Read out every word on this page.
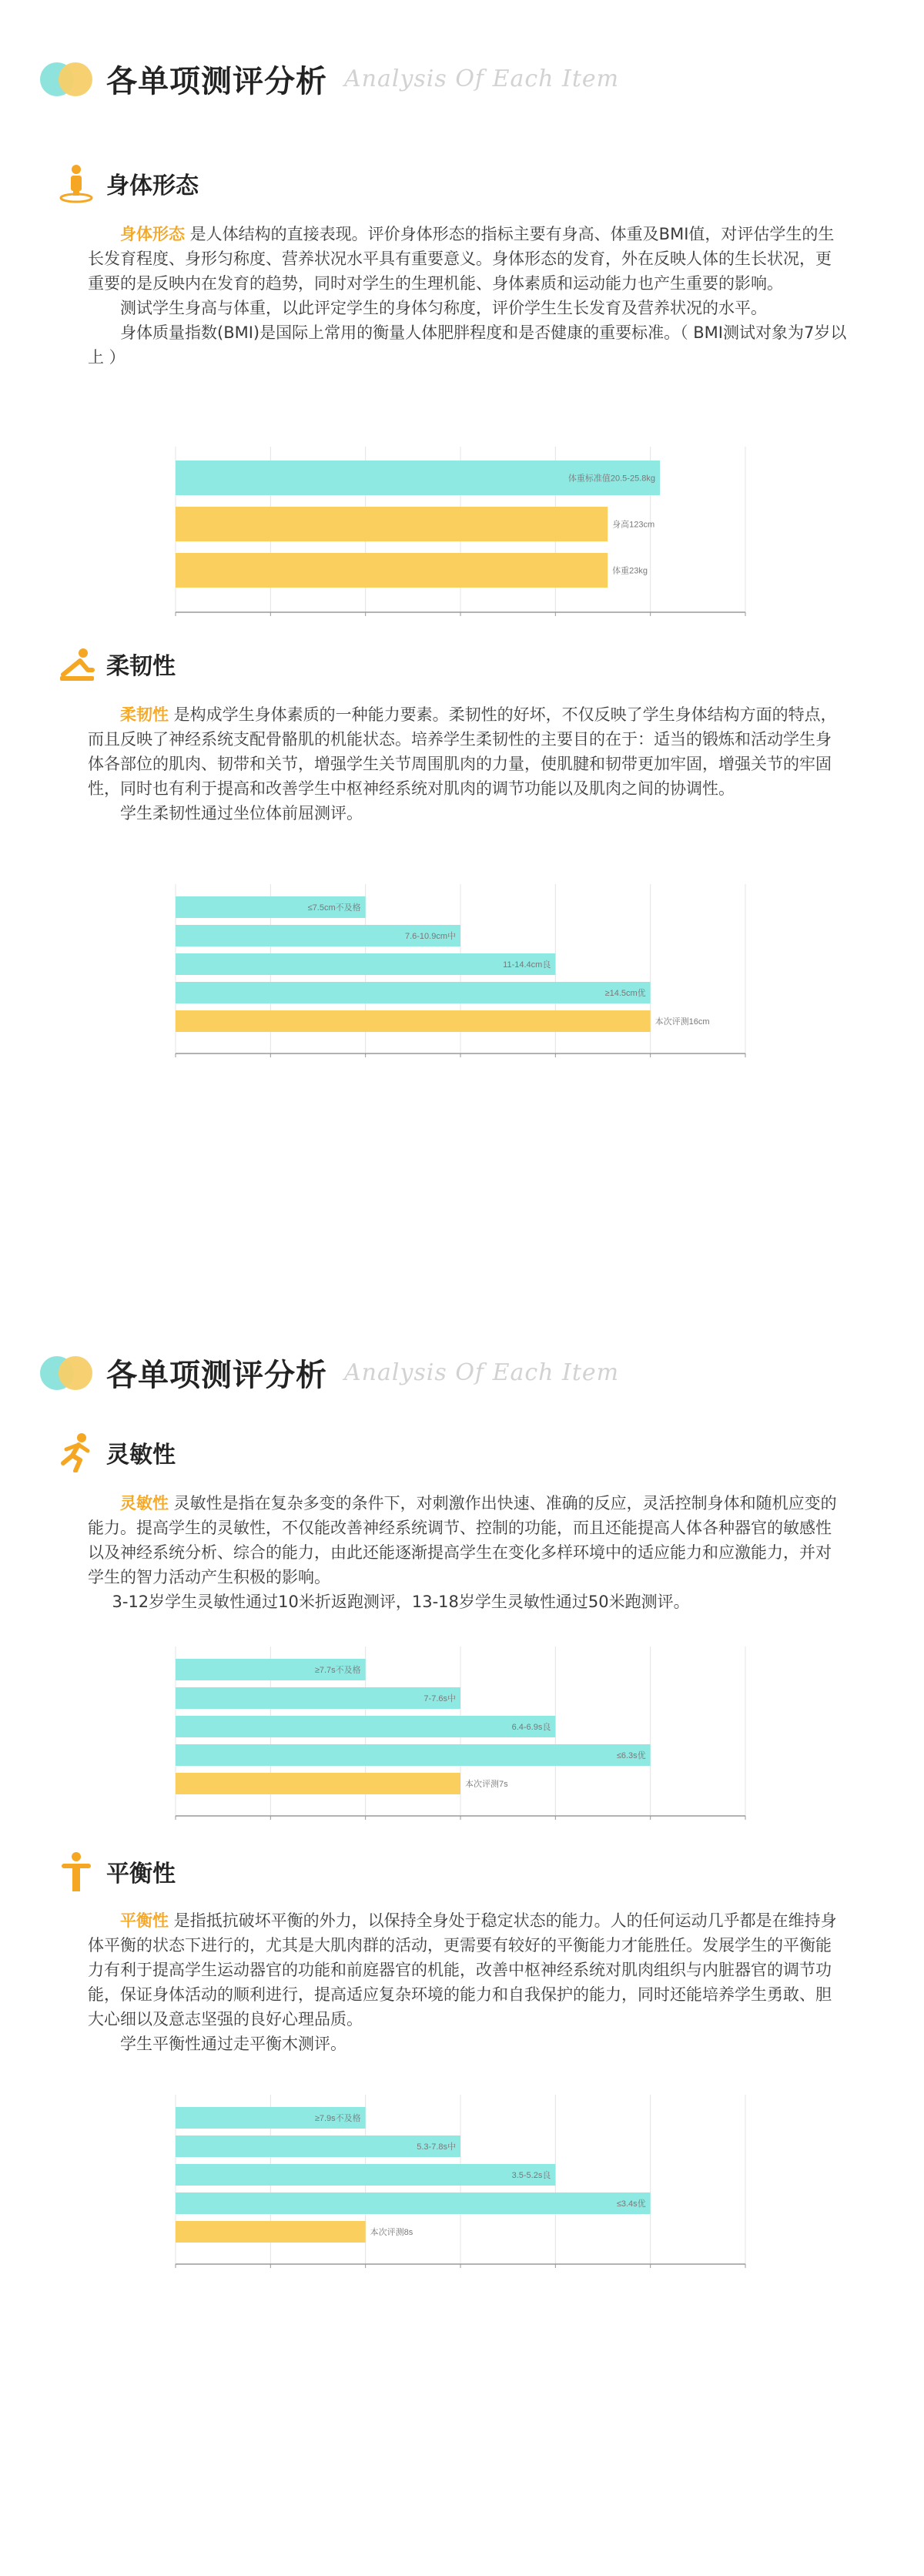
各单项测评分析 Analysis Of Each Item
身体形态

身体形态 是人体结构的直接表现。评价身体形态的指标主要有身高、体重及BMI值，对评估学生的生长发育程度、身形匀称度、营养状况水平具有重要意义。身体形态的发育，外在反映人体的生长状况，更重要的是反映内在发育的趋势，同时对学生的生理机能、身体素质和运动能力也产生重要的影响。

测试学生身高与体重，以此评定学生的身体匀称度，评价学生生长发育及营养状况的水平。

身体质量指数(BMI)是国际上常用的衡量人体肥胖程度和是否健康的重要标准。（ BMI测试对象为7岁以上 ）

体重标准值20.5-25.8kg
身高123cm
体重23kg
柔韧性

柔韧性 是构成学生身体素质的一种能力要素。柔韧性的好坏，不仅反映了学生身体结构方面的特点，而且反映了神经系统支配骨骼肌的机能状态。培养学生柔韧性的主要目的在于：适当的锻炼和活动学生身体各部位的肌肉、韧带和关节，增强学生关节周围肌肉的力量，使肌腱和韧带更加牢固，增强关节的牢固性，同时也有利于提高和改善学生中枢神经系统对肌肉的调节功能以及肌肉之间的协调性。

学生柔韧性通过坐位体前屈测评。

≤7.5cm不及格
7.6-10.9cm中
11-14.4cm良
≥14.5cm优
本次评测16cm
各单项测评分析 Analysis Of Each Item
灵敏性

灵敏性 灵敏性是指在复杂多变的条件下，对刺激作出快速、准确的反应，灵活控制身体和随机应变的能力。提高学生的灵敏性，不仅能改善神经系统调节、控制的功能，而且还能提高人体各种器官的敏感性以及神经系统分析、综合的能力，由此还能逐渐提高学生在变化多样环境中的适应能力和应激能力，并对学生的智力活动产生积极的影响。

3-12岁学生灵敏性通过10米折返跑测评，13-18岁学生灵敏性通过50米跑测评。

≥7.7s不及格
7-7.6s中
6.4-6.9s良
≤6.3s优
本次评测7s
平衡性

平衡性 是指抵抗破坏平衡的外力，以保持全身处于稳定状态的能力。人的任何运动几乎都是在维持身体平衡的状态下进行的，尤其是大肌肉群的活动，更需要有较好的平衡能力才能胜任。发展学生的平衡能力有利于提高学生运动器官的功能和前庭器官的机能，改善中枢神经系统对肌肉组织与内脏器官的调节功能，保证身体活动的顺利进行，提高适应复杂环境的能力和自我保护的能力，同时还能培养学生勇敢、胆大心细以及意志坚强的良好心理品质。

学生平衡性通过走平衡木测评。

≥7.9s不及格
5.3-7.8s中
3.5-5.2s良
≤3.4s优
本次评测8s
